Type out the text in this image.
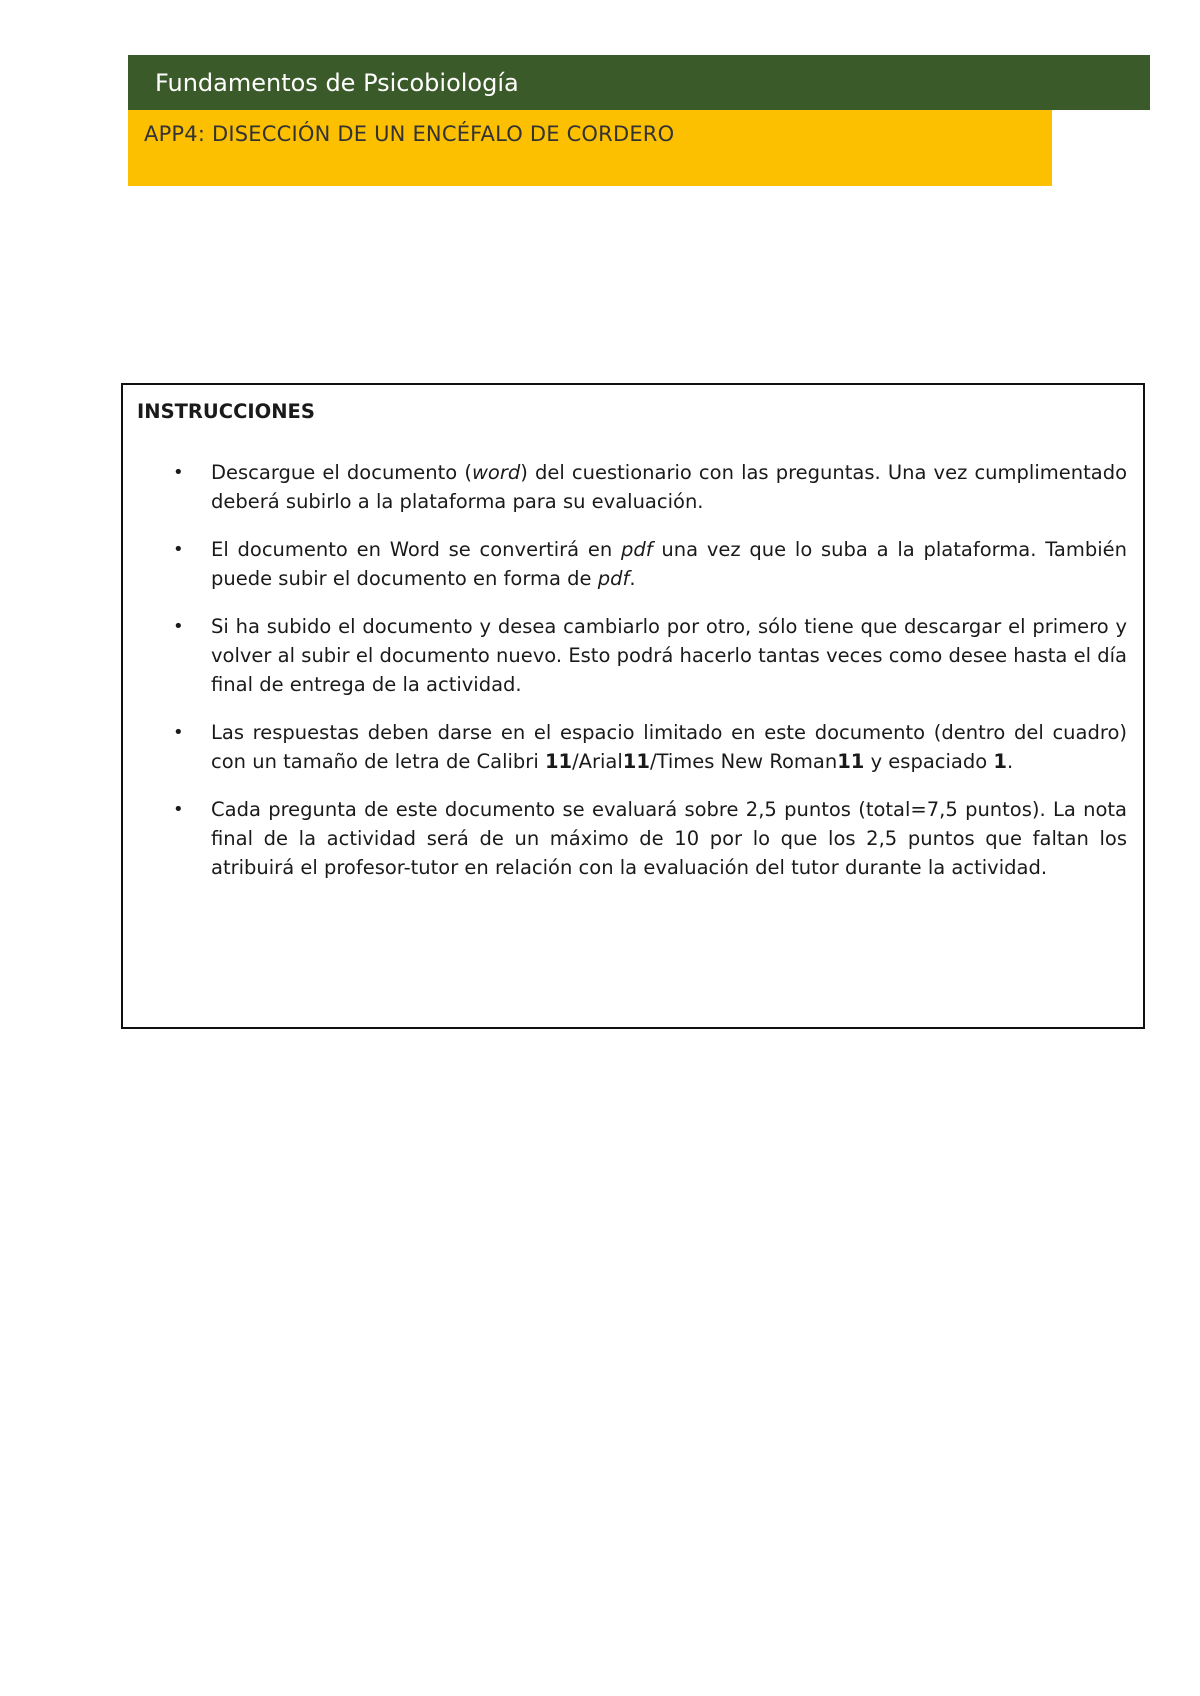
Fundamentos de Psicobiología
APP4: DISECCIÓN DE UN ENCÉFALO DE CORDERO
INSTRUCCIONES
• Descargue el documento (word) del cuestionario con las preguntas. Una vez cumplimentado deberá subirlo a la plataforma para su evaluación.
• El documento en Word se convertirá en pdf una vez que lo suba a la plataforma. También puede subir el documento en forma de pdf.
• Si ha subido el documento y desea cambiarlo por otro, sólo tiene que descargar el primero y volver al subir el documento nuevo. Esto podrá hacerlo tantas veces como desee hasta el día final de entrega de la actividad.
• Las respuestas deben darse en el espacio limitado en este documento (dentro del cuadro) con un tamaño de letra de Calibri 11/Arial11/Times New Roman11 y espaciado 1.
• Cada pregunta de este documento se evaluará sobre 2,5 puntos (total=7,5 puntos). La nota final de la actividad será de un máximo de 10 por lo que los 2,5 puntos que faltan los atribuirá el profesor-tutor en relación con la evaluación del tutor durante la actividad.
